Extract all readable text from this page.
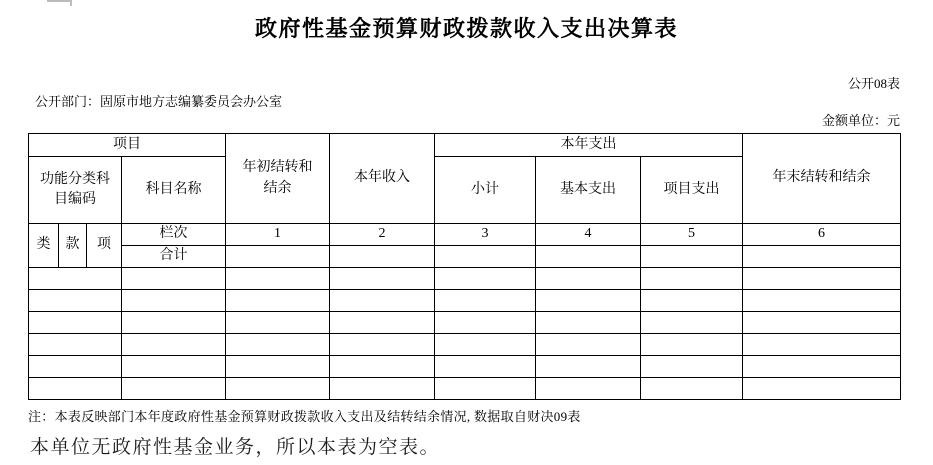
政府性基金预算财政拨款收入支出决算表
公开08表
公开部门：固原市地方志编纂委员会办公室
金额单位：元
项目				年初结转和结余	本年收入	本年支出			年末结转和结余
功能分类科目编码			科目名称			小计	基本支出	项目支出	
类	款	项	栏次	1	2	3	4	5	6
			合计						

注：本表反映部门本年度政府性基金预算财政拨款收入支出及结转结余情况, 数据取自财决09表
本单位无政府性基金业务，所以本表为空表。
